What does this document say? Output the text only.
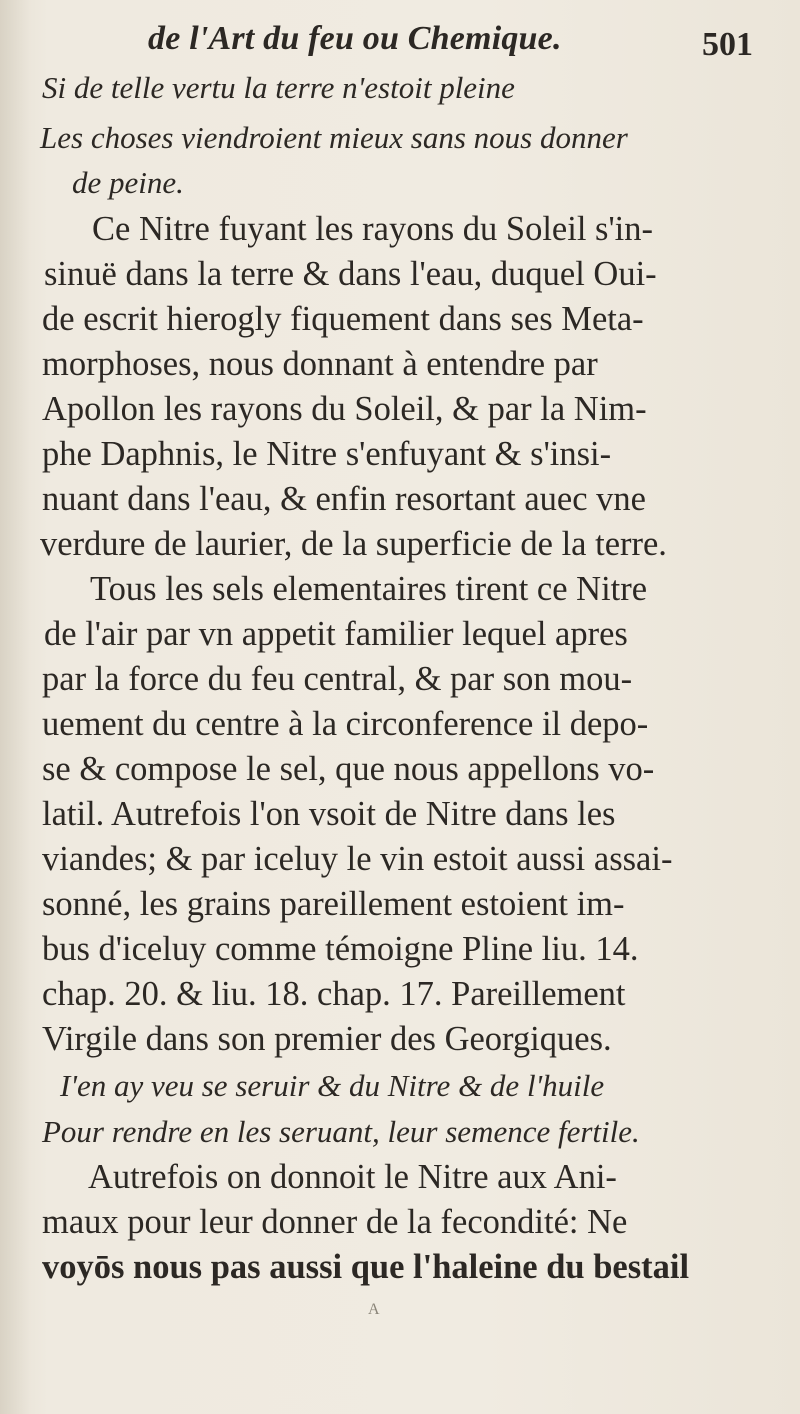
de l'Art du feu ou Chemique.	501
Si de telle vertu la terre n'estoit pleine
Les choses viendroient mieux sans nous donner
de peine.
Ce Nitre fuyant les rayons du Soleil s'in-
sinuë dans la terre & dans l'eau, duquel Oui-
de escrit hierogly fiquement dans ses Meta-
morphoses, nous donnant à entendre par
Apollon les rayons du Soleil, & par la Nim-
phe Daphnis, le Nitre s'enfuyant & s'insi-
nuant dans l'eau, & enfin resortant auec vne
verdure de laurier, de la superficie de la terre.
Tous les sels elementaires tirent ce Nitre
de l'air par vn appetit familier lequel apres
par la force du feu central, & par son mou-
uement du centre à la circonference il depo-
se & compose le sel, que nous appellons vo-
latil. Autrefois l'on vsoit de Nitre dans les
viandes; & par iceluy le vin estoit aussi assai-
sonné, les grains pareillement estoient im-
bus d'iceluy comme témoigne Pline liu. 14.
chap. 20. & liu. 18. chap. 17. Pareillement
Virgile dans son premier des Georgiques.
I'en ay veu se seruir & du Nitre & de l'huile
Pour rendre en les seruant, leur semence fertile.
Autrefois on donnoit le Nitre aux Ani-
maux pour leur donner de la fecondité: Ne
voyōs nous pas aussi que l'haleine du bestail
A
